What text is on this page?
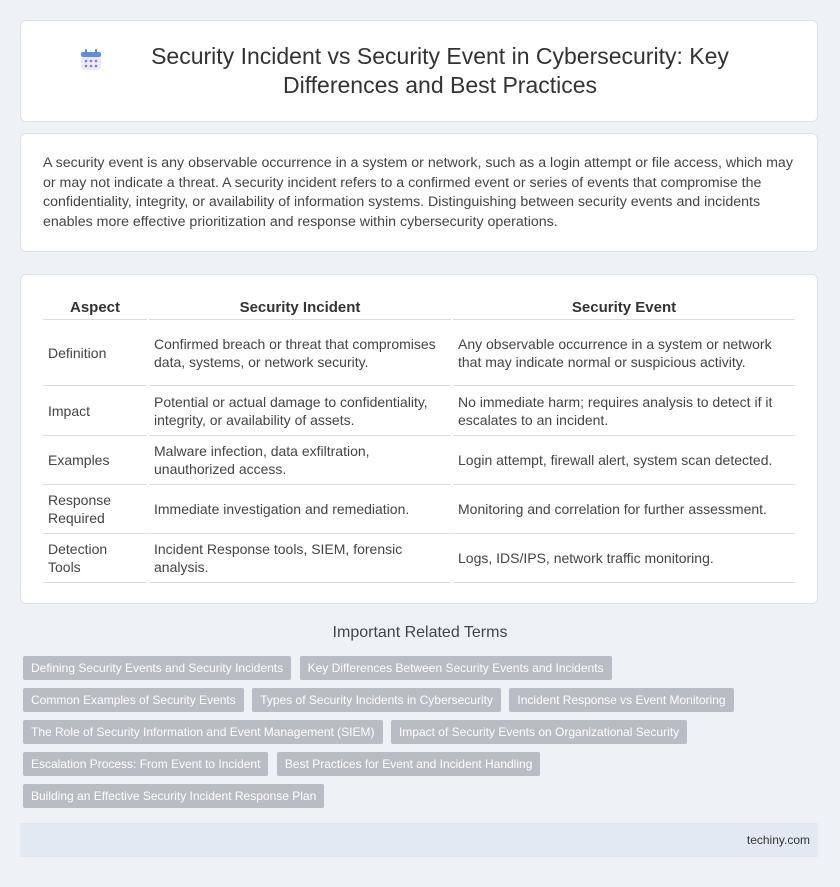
Security Incident vs Security Event in Cybersecurity: Key Differences and Best Practices

A security event is any observable occurrence in a system or network, such as a login attempt or file access, which may or may not indicate a threat. A security incident refers to a confirmed event or series of events that compromise the confidentiality, integrity, or availability of information systems. Distinguishing between security events and incidents enables more effective prioritization and response within cybersecurity operations.

Aspect	Security Incident	Security Event
Definition	Confirmed breach or threat that compromises data, systems, or network security.	Any observable occurrence in a system or network that may indicate normal or suspicious activity.
Impact	Potential or actual damage to confidentiality, integrity, or availability of assets.	No immediate harm; requires analysis to detect if it escalates to an incident.
Examples	Malware infection, data exfiltration, unauthorized access.	Login attempt, firewall alert, system scan detected.
Response Required	Immediate investigation and remediation.	Monitoring and correlation for further assessment.
Detection Tools	Incident Response tools, SIEM, forensic analysis.	Logs, IDS/IPS, network traffic monitoring.
Important Related Terms
Defining Security Events and Security Incidents Key Differences Between Security Events and Incidents
Common Examples of Security Events Types of Security Incidents in Cybersecurity Incident Response vs Event Monitoring
The Role of Security Information and Event Management (SIEM) Impact of Security Events on Organizational Security
Escalation Process: From Event to Incident Best Practices for Event and Incident Handling
Building an Effective Security Incident Response Plan
techiny.com
